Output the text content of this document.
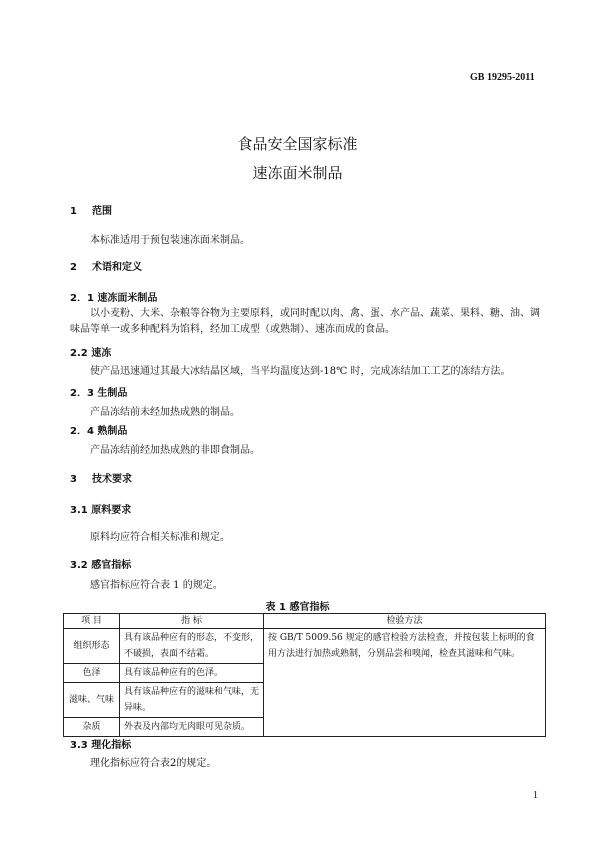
GB 19295-2011
食品安全国家标准
速冻面米制品
1 范围
本标准适用于预包装速冻面米制品。
2 术语和定义
2．1 速冻面米制品
以小麦粉、大米、杂粮等谷物为主要原料，或同时配以肉、禽、蛋、水产品、蔬菜、果料、糖、油、调味品等单一或多种配料为馅料，经加工成型（或熟制）、速冻而成的食品。
2.2 速冻
使产品迅速通过其最大冰结晶区域，当平均温度达到-18℃ 时，完成冻结加工工艺的冻结方法。
2．3 生制品
产品冻结前未经加热成熟的制品。
2．4 熟制品
产品冻结前经加热成熟的非即食制品。
3 技术要求
3.1 原料要求
原料均应符合相关标准和规定。
3.2 感官指标
感官指标应符合表 1 的规定。
表 1 感官指标
项 目	指 标	检验方法
组织形态	具有该品种应有的形态，不变形，不破损，表面不结霜。	按 GB/T 5009.56 规定的感官检验方法检查，并按包装上标明的食用方法进行加热或熟制，分别品尝和嗅闻，检查其滋味和气味。
色泽	具有该品种应有的色泽。	
滋味、气味	具有该品种应有的滋味和气味，无异味。	
杂质	外表及内部均无肉眼可见杂质。	
3.3 理化指标
理化指标应符合表2的规定。
1
